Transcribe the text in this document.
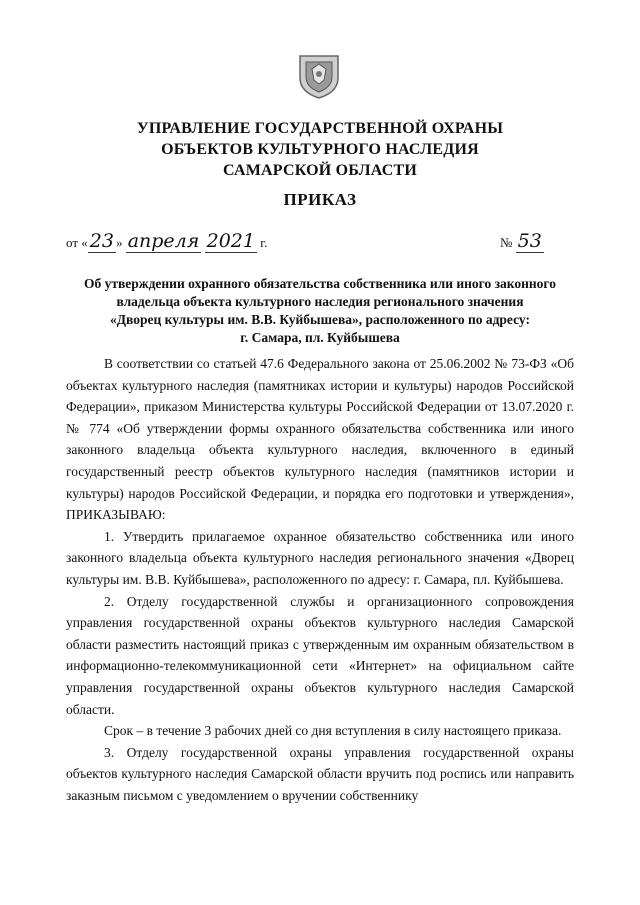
УПРАВЛЕНИЕ ГОСУДАРСТВЕННОЙ ОХРАНЫ
ОБЪЕКТОВ КУЛЬТУРНОГО НАСЛЕДИЯ
САМАРСКОЙ ОБЛАСТИ
ПРИКАЗ
от « 23 » апреля 2021 г.	№ 53
Об утверждении охранного обязательства собственника или иного законного
владельца объекта культурного наследия регионального значения
«Дворец культуры им. В.В. Куйбышева», расположенного по адресу:
г. Самара, пл. Куйбышева

В соответствии со статьей 47.6 Федерального закона от 25.06.2002 № 73-ФЗ «Об объектах культурного наследия (памятниках истории и культуры) народов Российской Федерации», приказом Министерства культуры Российской Федерации от 13.07.2020 г. № 774 «Об утверждении формы охранного обязательства собственника или иного законного владельца объекта культурного наследия, включенного в единый государственный реестр объектов культурного наследия (памятников истории и культуры) народов Российской Федерации, и порядка его подготовки и утверждения», ПРИКАЗЫВАЮ:

1. Утвердить прилагаемое охранное обязательство собственника или иного законного владельца объекта культурного наследия регионального значения «Дворец культуры им. В.В. Куйбышева», расположенного по адресу: г. Самара, пл. Куйбышева.

2. Отделу государственной службы и организационного сопровождения управления государственной охраны объектов культурного наследия Самарской области разместить настоящий приказ с утвержденным им охранным обязательством в информационно-телекоммуникационной сети «Интернет» на официальном сайте управления государственной охраны объектов культурного наследия Самарской области.

Срок – в течение 3 рабочих дней со дня вступления в силу настоящего приказа.

3. Отделу государственной охраны управления государственной охраны объектов культурного наследия Самарской области вручить под роспись или направить заказным письмом с уведомлением о вручении собственнику
